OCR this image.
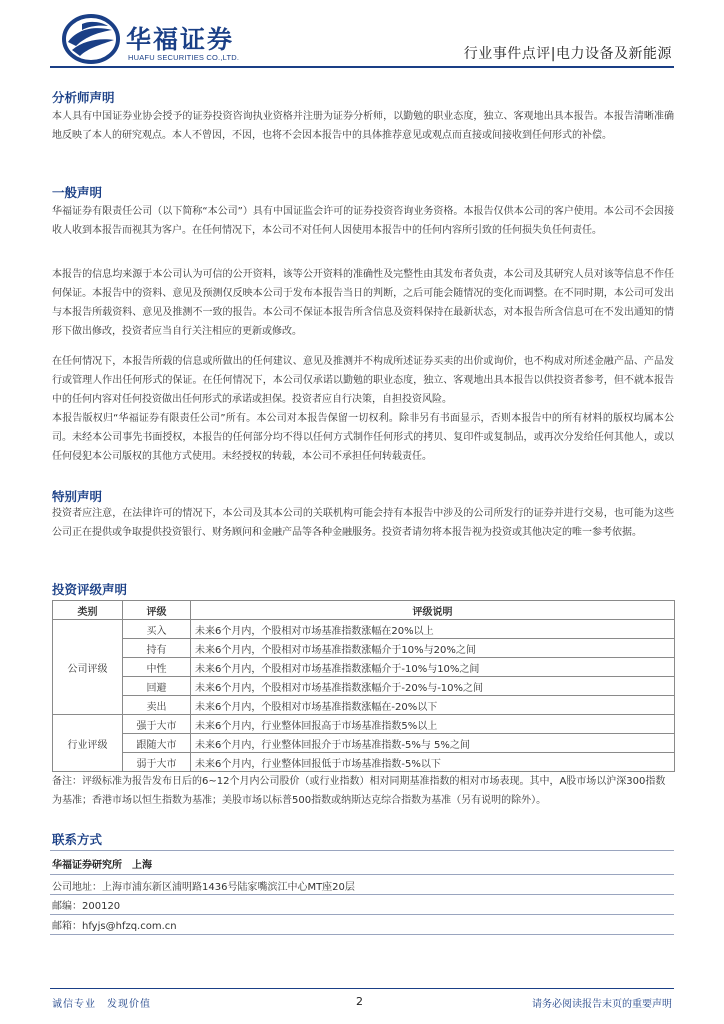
华福证券
HUAFU SECURITIES CO.,LTD.	行业事件点评|电力设备及新能源
分析师声明

本人具有中国证券业协会授予的证券投资咨询执业资格并注册为证券分析师，以勤勉的职业态度，独立、客观地出具本报告。本报告清晰准确地反映了本人的研究观点。本人不曾因，不因，也将不会因本报告中的具体推荐意见或观点而直接或间接收到任何形式的补偿。

一般声明

华福证券有限责任公司（以下简称“本公司”）具有中国证监会许可的证券投资咨询业务资格。本报告仅供本公司的客户使用。本公司不会因接收人收到本报告而视其为客户。在任何情况下，本公司不对任何人因使用本报告中的任何内容所引致的任何损失负任何责任。

本报告的信息均来源于本公司认为可信的公开资料，该等公开资料的准确性及完整性由其发布者负责，本公司及其研究人员对该等信息不作任何保证。本报告中的资料、意见及预测仅反映本公司于发布本报告当日的判断，之后可能会随情况的变化而调整。在不同时期，本公司可发出与本报告所载资料、意见及推测不一致的报告。本公司不保证本报告所含信息及资料保持在最新状态，对本报告所含信息可在不发出通知的情形下做出修改，投资者应当自行关注相应的更新或修改。

在任何情况下，本报告所载的信息或所做出的任何建议、意见及推测并不构成所述证券买卖的出价或询价，也不构成对所述金融产品、产品发行或管理人作出任何形式的保证。在任何情况下，本公司仅承诺以勤勉的职业态度，独立、客观地出具本报告以供投资者参考，但不就本报告中的任何内容对任何投资做出任何形式的承诺或担保。投资者应自行决策，自担投资风险。

本报告版权归“华福证券有限责任公司”所有。本公司对本报告保留一切权利。除非另有书面显示，否则本报告中的所有材料的版权均属本公司。未经本公司事先书面授权，本报告的任何部分均不得以任何方式制作任何形式的拷贝、复印件或复制品，或再次分发给任何其他人，或以任何侵犯本公司版权的其他方式使用。未经授权的转载，本公司不承担任何转载责任。

特别声明

投资者应注意，在法律许可的情况下，本公司及其本公司的关联机构可能会持有本报告中涉及的公司所发行的证券并进行交易，也可能为这些公司正在提供或争取提供投资银行、财务顾问和金融产品等各种金融服务。投资者请勿将本报告视为投资或其他决定的唯一参考依据。

投资评级声明
类别	评级	评级说明
公司评级	买入	未来6个月内，个股相对市场基准指数涨幅在20%以上
	持有	未来6个月内，个股相对市场基准指数涨幅介于10%与20%之间
	中性	未来6个月内，个股相对市场基准指数涨幅介于-10%与10%之间
	回避	未来6个月内，个股相对市场基准指数涨幅介于-20%与-10%之间
	卖出	未来6个月内，个股相对市场基准指数涨幅在-20%以下
行业评级	强于大市	未来6个月内，行业整体回报高于市场基准指数5%以上
	跟随大市	未来6个月内，行业整体回报介于市场基准指数-5%与 5%之间
	弱于大市	未来6个月内，行业整体回报低于市场基准指数-5%以下

备注：评级标准为报告发布日后的6~12个月内公司股价（或行业指数）相对同期基准指数的相对市场表现。其中，A股市场以沪深300指数为基准；香港市场以恒生指数为基准；美股市场以标普500指数或纳斯达克综合指数为基准（另有说明的除外）。

联系方式
华福证券研究所　上海
公司地址：上海市浦东新区浦明路1436号陆家嘴滨江中心MT座20层
邮编：200120
邮箱：hfyjs@hfzq.com.cn
诚信专业　发现价值	2	请务必阅读报告末页的重要声明
